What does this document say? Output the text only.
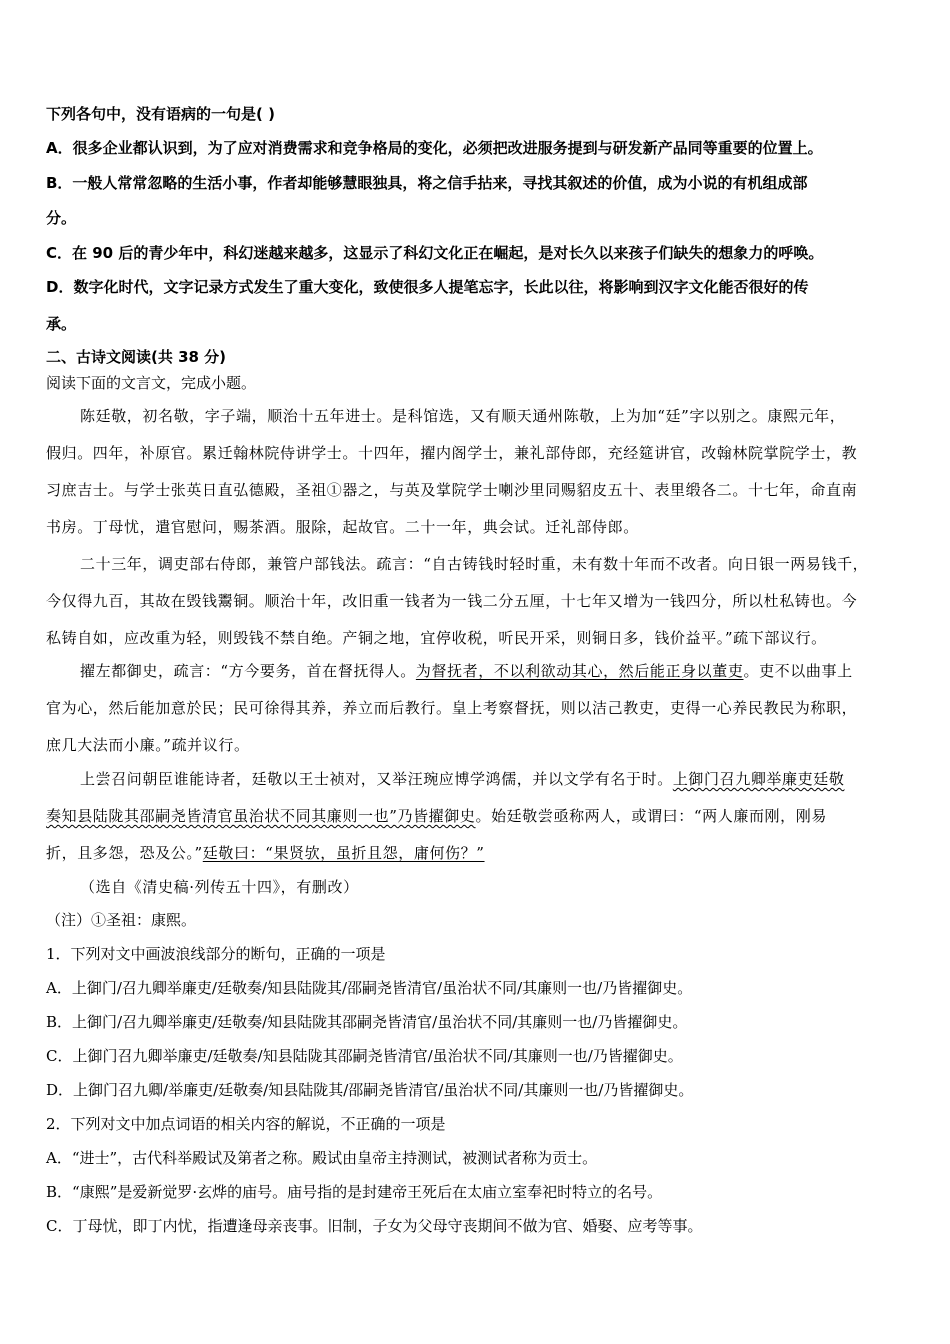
下列各句中，没有语病的一句是( )
A．很多企业都认识到，为了应对消费需求和竞争格局的变化，必须把改进服务提到与研发新产品同等重要的位置上。
B．一般人常常忽略的生活小事，作者却能够慧眼独具，将之信手拈来，寻找其叙述的价值，成为小说的有机组成部
分。
C．在 90 后的青少年中，科幻迷越来越多，这显示了科幻文化正在崛起，是对长久以来孩子们缺失的想象力的呼唤。
D．数字化时代，文字记录方式发生了重大变化，致使很多人提笔忘字，长此以往，将影响到汉字文化能否很好的传
承。
二、古诗文阅读(共 38 分)
阅读下面的文言文，完成小题。
陈廷敬，初名敬，字子端，顺治十五年进士。是科馆选，又有顺天通州陈敬，上为加“廷”字以别之。康熙元年，
假归。四年，补原官。累迁翰林院侍讲学士。十四年，擢内阁学士，兼礼部侍郎，充经筵讲官，改翰林院掌院学士，教
习庶吉士。与学士张英日直弘德殿，圣祖①器之，与英及掌院学士喇沙里同赐貂皮五十、表里缎各二。十七年，命直南
书房。丁母忧，遣官慰问，赐茶酒。服除，起故官。二十一年，典会试。迁礼部侍郎。
二十三年，调吏部右侍郎，兼管户部钱法。疏言：“自古铸钱时轻时重，未有数十年而不改者。向日银一两易钱千，
今仅得九百，其故在毁钱鬻铜。顺治十年，改旧重一钱者为一钱二分五厘，十七年又增为一钱四分，所以杜私铸也。今
私铸自如，应改重为轻，则毁钱不禁自绝。产铜之地，宜停收税，听民开采，则铜日多，钱价益平。”疏下部议行。
擢左都御史，疏言：“方今要务，首在督抚得人。为督抚者，不以利欲动其心，然后能正身以董吏。吏不以曲事上
官为心，然后能加意於民；民可徐得其养，养立而后教行。皇上考察督抚，则以洁己教吏，吏得一心养民教民为称职，
庶几大法而小廉。”疏并议行。
上尝召问朝臣谁能诗者，廷敬以王士祯对，又举汪琬应博学鸿儒，并以文学有名于时。上御门召九卿举廉吏廷敬
奏知县陆陇其邵嗣尧皆清官虽治状不同其廉则一也”乃皆擢御史。始廷敬尝亟称两人，或谓曰：“两人廉而刚，刚易
折，且多怨，恐及公。”廷敬曰：“果贤欤，虽折且怨，庸何伤？”
（选自《清史稿·列传五十四》，有删改）
（注）①圣祖：康熙。
1．下列对文中画波浪线部分的断句，正确的一项是
A．上御门/召九卿举廉吏/廷敬奏/知县陆陇其/邵嗣尧皆清官/虽治状不同/其廉则一也/乃皆擢御史。
B．上御门/召九卿举廉吏/廷敬奏/知县陆陇其邵嗣尧皆清官/虽治状不同/其廉则一也/乃皆擢御史。
C．上御门召九卿举廉吏/廷敬奏/知县陆陇其邵嗣尧皆清官/虽治状不同/其廉则一也/乃皆擢御史。
D．上御门召九卿/举廉吏/廷敬奏/知县陆陇其/邵嗣尧皆清官/虽治状不同/其廉则一也/乃皆擢御史。
2．下列对文中加点词语的相关内容的解说，不正确的一项是
A．“进士”，古代科举殿试及第者之称。殿试由皇帝主持测试，被测试者称为贡士。
B．“康熙”是爱新觉罗·玄烨的庙号。庙号指的是封建帝王死后在太庙立室奉祀时特立的名号。
C．丁母忧，即丁内忧，指遭逢母亲丧事。旧制，子女为父母守丧期间不做为官、婚娶、应考等事。
